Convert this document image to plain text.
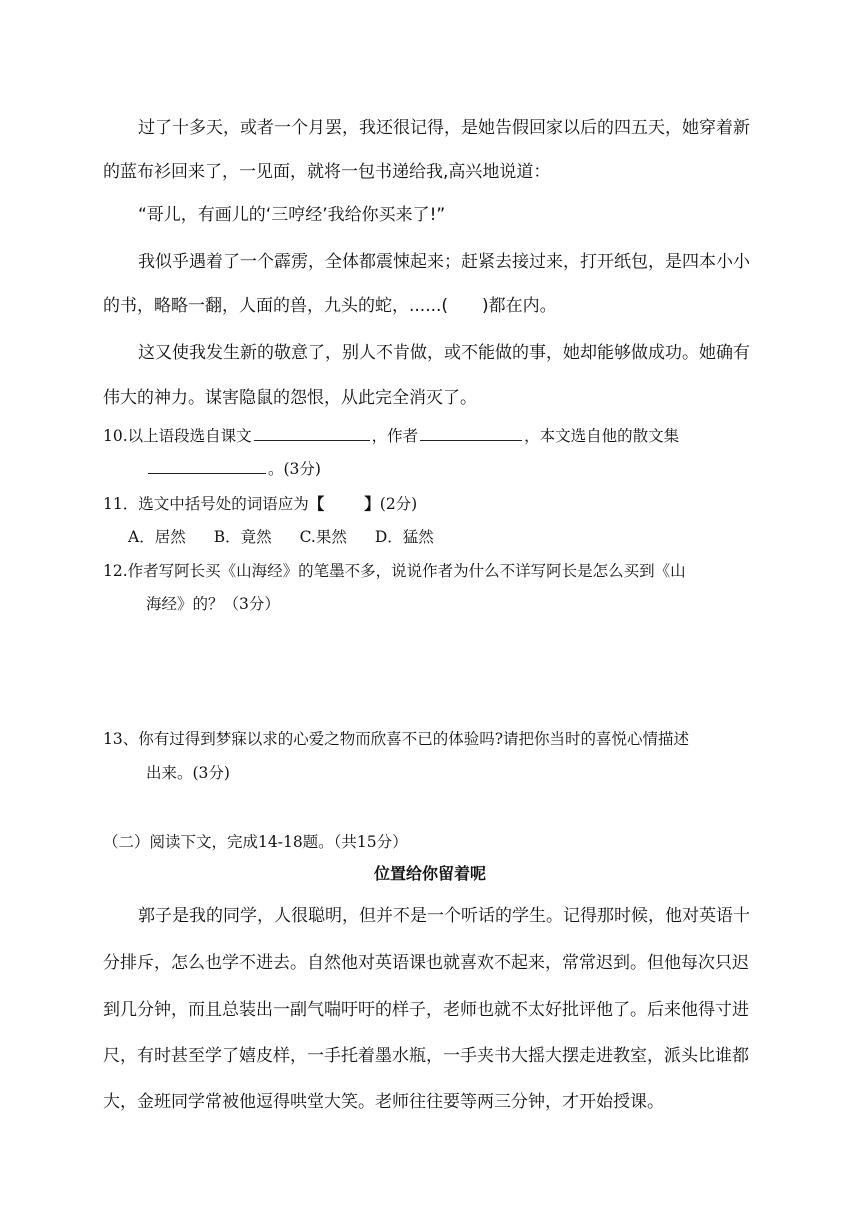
过了十多天，或者一个月罢，我还很记得，是她告假回家以后的四五天，她穿着新
的蓝布衫回来了，一见面，就将一包书递给我,高兴地说道：
“哥儿，有画儿的‘三哼经’我给你买来了!”
我似乎遇着了一个霹雳，全体都震悚起来；赶紧去接过来，打开纸包，是四本小小
的书，略略一翻，人面的兽，九头的蛇，......(　　)都在内。
这又使我发生新的敬意了，别人不肯做，或不能做的事，她却能够做成功。她确有
伟大的神力。谋害隐鼠的怨恨，从此完全消灭了。
10.以上语段选自课文	，作者	，本文选自他的散文集
。(3分)
11．选文中括号处的词语应为【	】(2分)
A．居然 B．竟然 C.果然 D．猛然
12.作者写阿长买《山海经》的笔墨不多，说说作者为什么不详写阿长是怎么买到《山
海经》的？（3分）
13、你有过得到梦寐以求的心爱之物而欣喜不已的体验吗?请把你当时的喜悦心情描述
出来。(3分)
（二）阅读下文，完成14-18题。（共15分）
位置给你留着呢
郭子是我的同学，人很聪明，但并不是一个听话的学生。记得那时候，他对英语十
分排斥，怎么也学不进去。自然他对英语课也就喜欢不起来，常常迟到。但他每次只迟
到几分钟，而且总装出一副气喘吁吁的样子，老师也就不太好批评他了。后来他得寸进
尺，有时甚至学了嬉皮样，一手托着墨水瓶，一手夹书大摇大摆走进教室，派头比谁都
大，金班同学常被他逗得哄堂大笑。老师往往要等两三分钟，才开始授课。
